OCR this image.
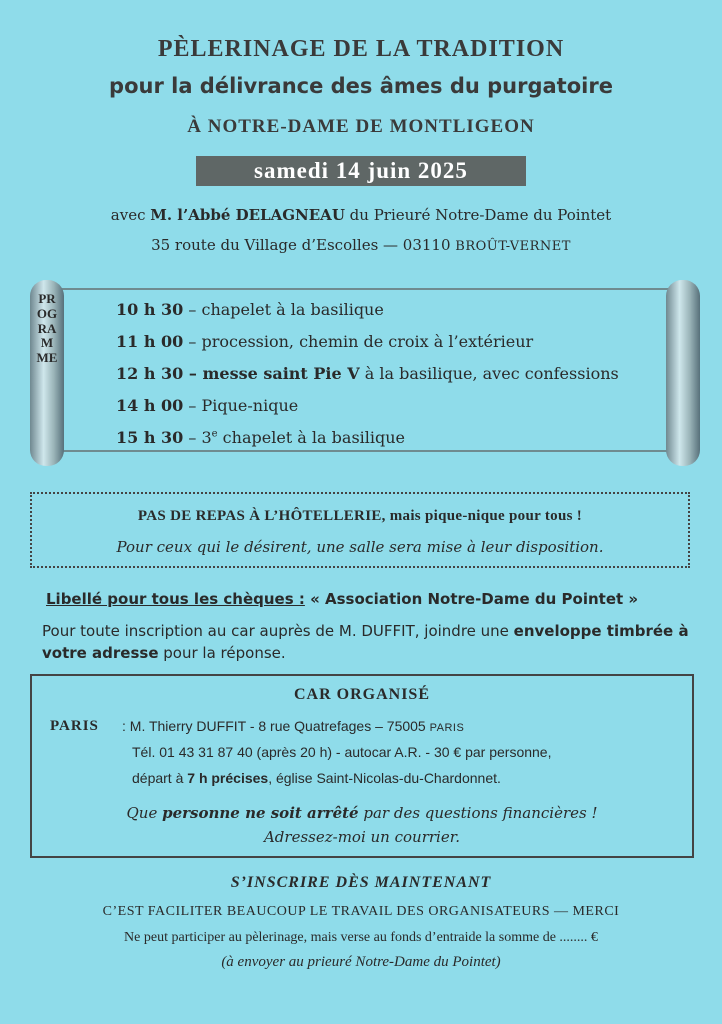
PÈLERINAGE DE LA TRADITION
pour la délivrance des âmes du purgatoire
À NOTRE-DAME DE MONTLIGEON
samedi 14 juin 2025
avec M. l’Abbé DELAGNEAU du Prieuré Notre-Dame du Pointet
35 route du Village d’Escolles — 03110 BROÛT-VERNET
PROGRAMME
10 h 30 – chapelet à la basilique
11 h 00 – procession, chemin de croix à l’extérieur
12 h 30 – messe saint Pie V à la basilique, avec confessions
14 h 00 – Pique-nique
15 h 30 – 3e chapelet à la basilique
PAS DE REPAS À L’HÔTELLERIE, mais pique-nique pour tous !
Pour ceux qui le désirent, une salle sera mise à leur disposition.
Libellé pour tous les chèques : « Association Notre-Dame du Pointet »
Pour toute inscription au car auprès de M. DUFFIT, joindre une enveloppe timbrée à votre adresse pour la réponse.
CAR ORGANISÉ
PARIS : M. Thierry DUFFIT - 8 rue Quatrefages – 75005 PARIS
Tél. 01 43 31 87 40 (après 20 h) - autocar A.R. - 30 € par personne,
départ à 7 h précises, église Saint-Nicolas-du-Chardonnet.
Que personne ne soit arrêté par des questions financières !
Adressez-moi un courrier.
S’INSCRIRE DÈS MAINTENANT
C’EST FACILITER BEAUCOUP LE TRAVAIL DES ORGANISATEURS — MERCI
Ne peut participer au pèlerinage, mais verse au fonds d’entraide la somme de ........ €
(à envoyer au prieuré Notre-Dame du Pointet)
